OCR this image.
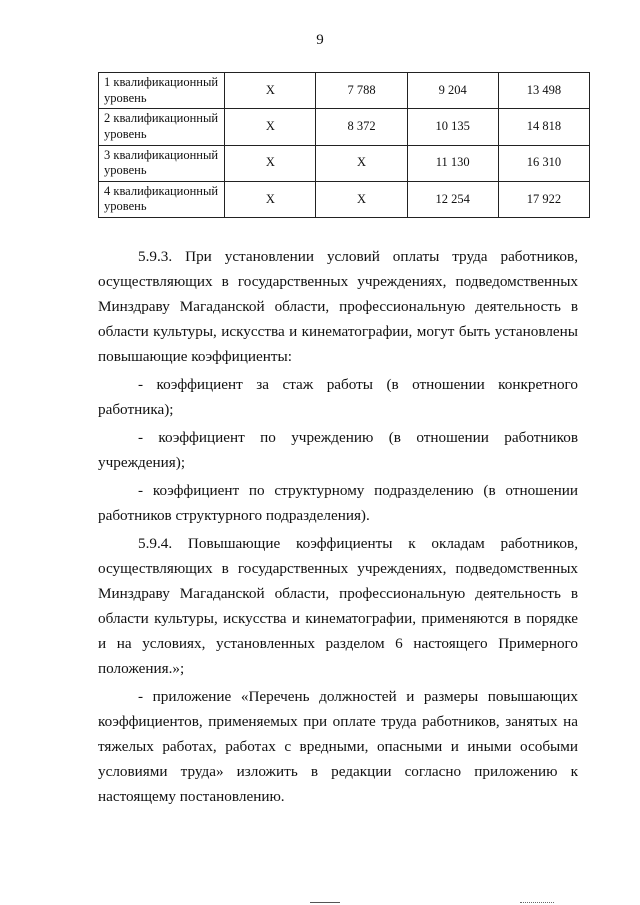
9
1 квалификационный уровень	Х	7 788	9 204	13 498
2 квалификационный уровень	Х	8 372	10 135	14 818
3 квалификационный уровень	Х	Х	11 130	16 310
4 квалификационный уровень	Х	Х	12 254	17 922

5.9.3. При установлении условий оплаты труда работников, осуществляющих в государственных учреждениях, подведомственных Минздраву Магаданской области, профессиональную деятельность в области культуры, искусства и кинематографии, могут быть установлены повышающие коэффициенты:

- коэффициент за стаж работы (в отношении конкретного работника);

- коэффициент по учреждению (в отношении работников учреждения);

- коэффициент по структурному подразделению (в отношении работников структурного подразделения).

5.9.4. Повышающие коэффициенты к окладам работников, осуществляющих в государственных учреждениях, подведомственных Минздраву Магаданской области, профессиональную деятельность в области культуры, искусства и кинематографии, применяются в порядке и на условиях, установленных разделом 6 настоящего Примерного положения.»;

- приложение «Перечень должностей и размеры повышающих коэффициентов, применяемых при оплате труда работников, занятых на тяжелых работах, работах с вредными, опасными и иными особыми условиями труда» изложить в редакции согласно приложению к настоящему постановлению.
